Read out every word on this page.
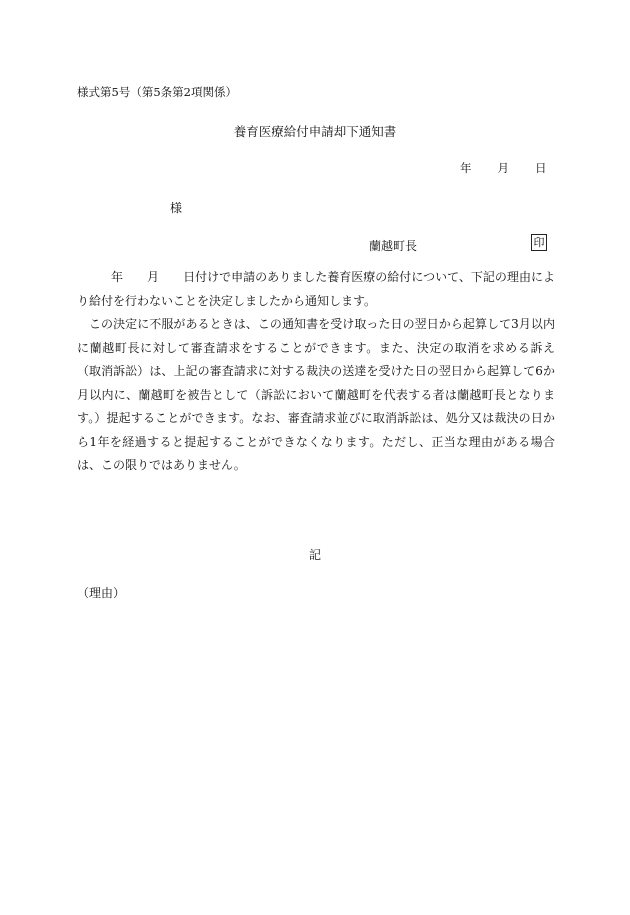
様式第5号（第5条第2項関係）
養育医療給付申請却下通知書
年 月 日
様
蘭越町長	印

年 月 日付けで申請のありました養育医療の給付について、下記の理由により給付を行わないことを決定しましたから通知します。

この決定に不服があるときは、この通知書を受け取った日の翌日から起算して3月以内に蘭越町長に対して審査請求をすることができます。また、決定の取消を求める訴え（取消訴訟）は、上記の審査請求に対する裁決の送達を受けた日の翌日から起算して6か月以内に、蘭越町を被告として（訴訟において蘭越町を代表する者は蘭越町長となります。）提起することができます。なお、審査請求並びに取消訴訟は、処分又は裁決の日から1年を経過すると提起することができなくなります。ただし、正当な理由がある場合は、この限りではありません。

記
（理由）
